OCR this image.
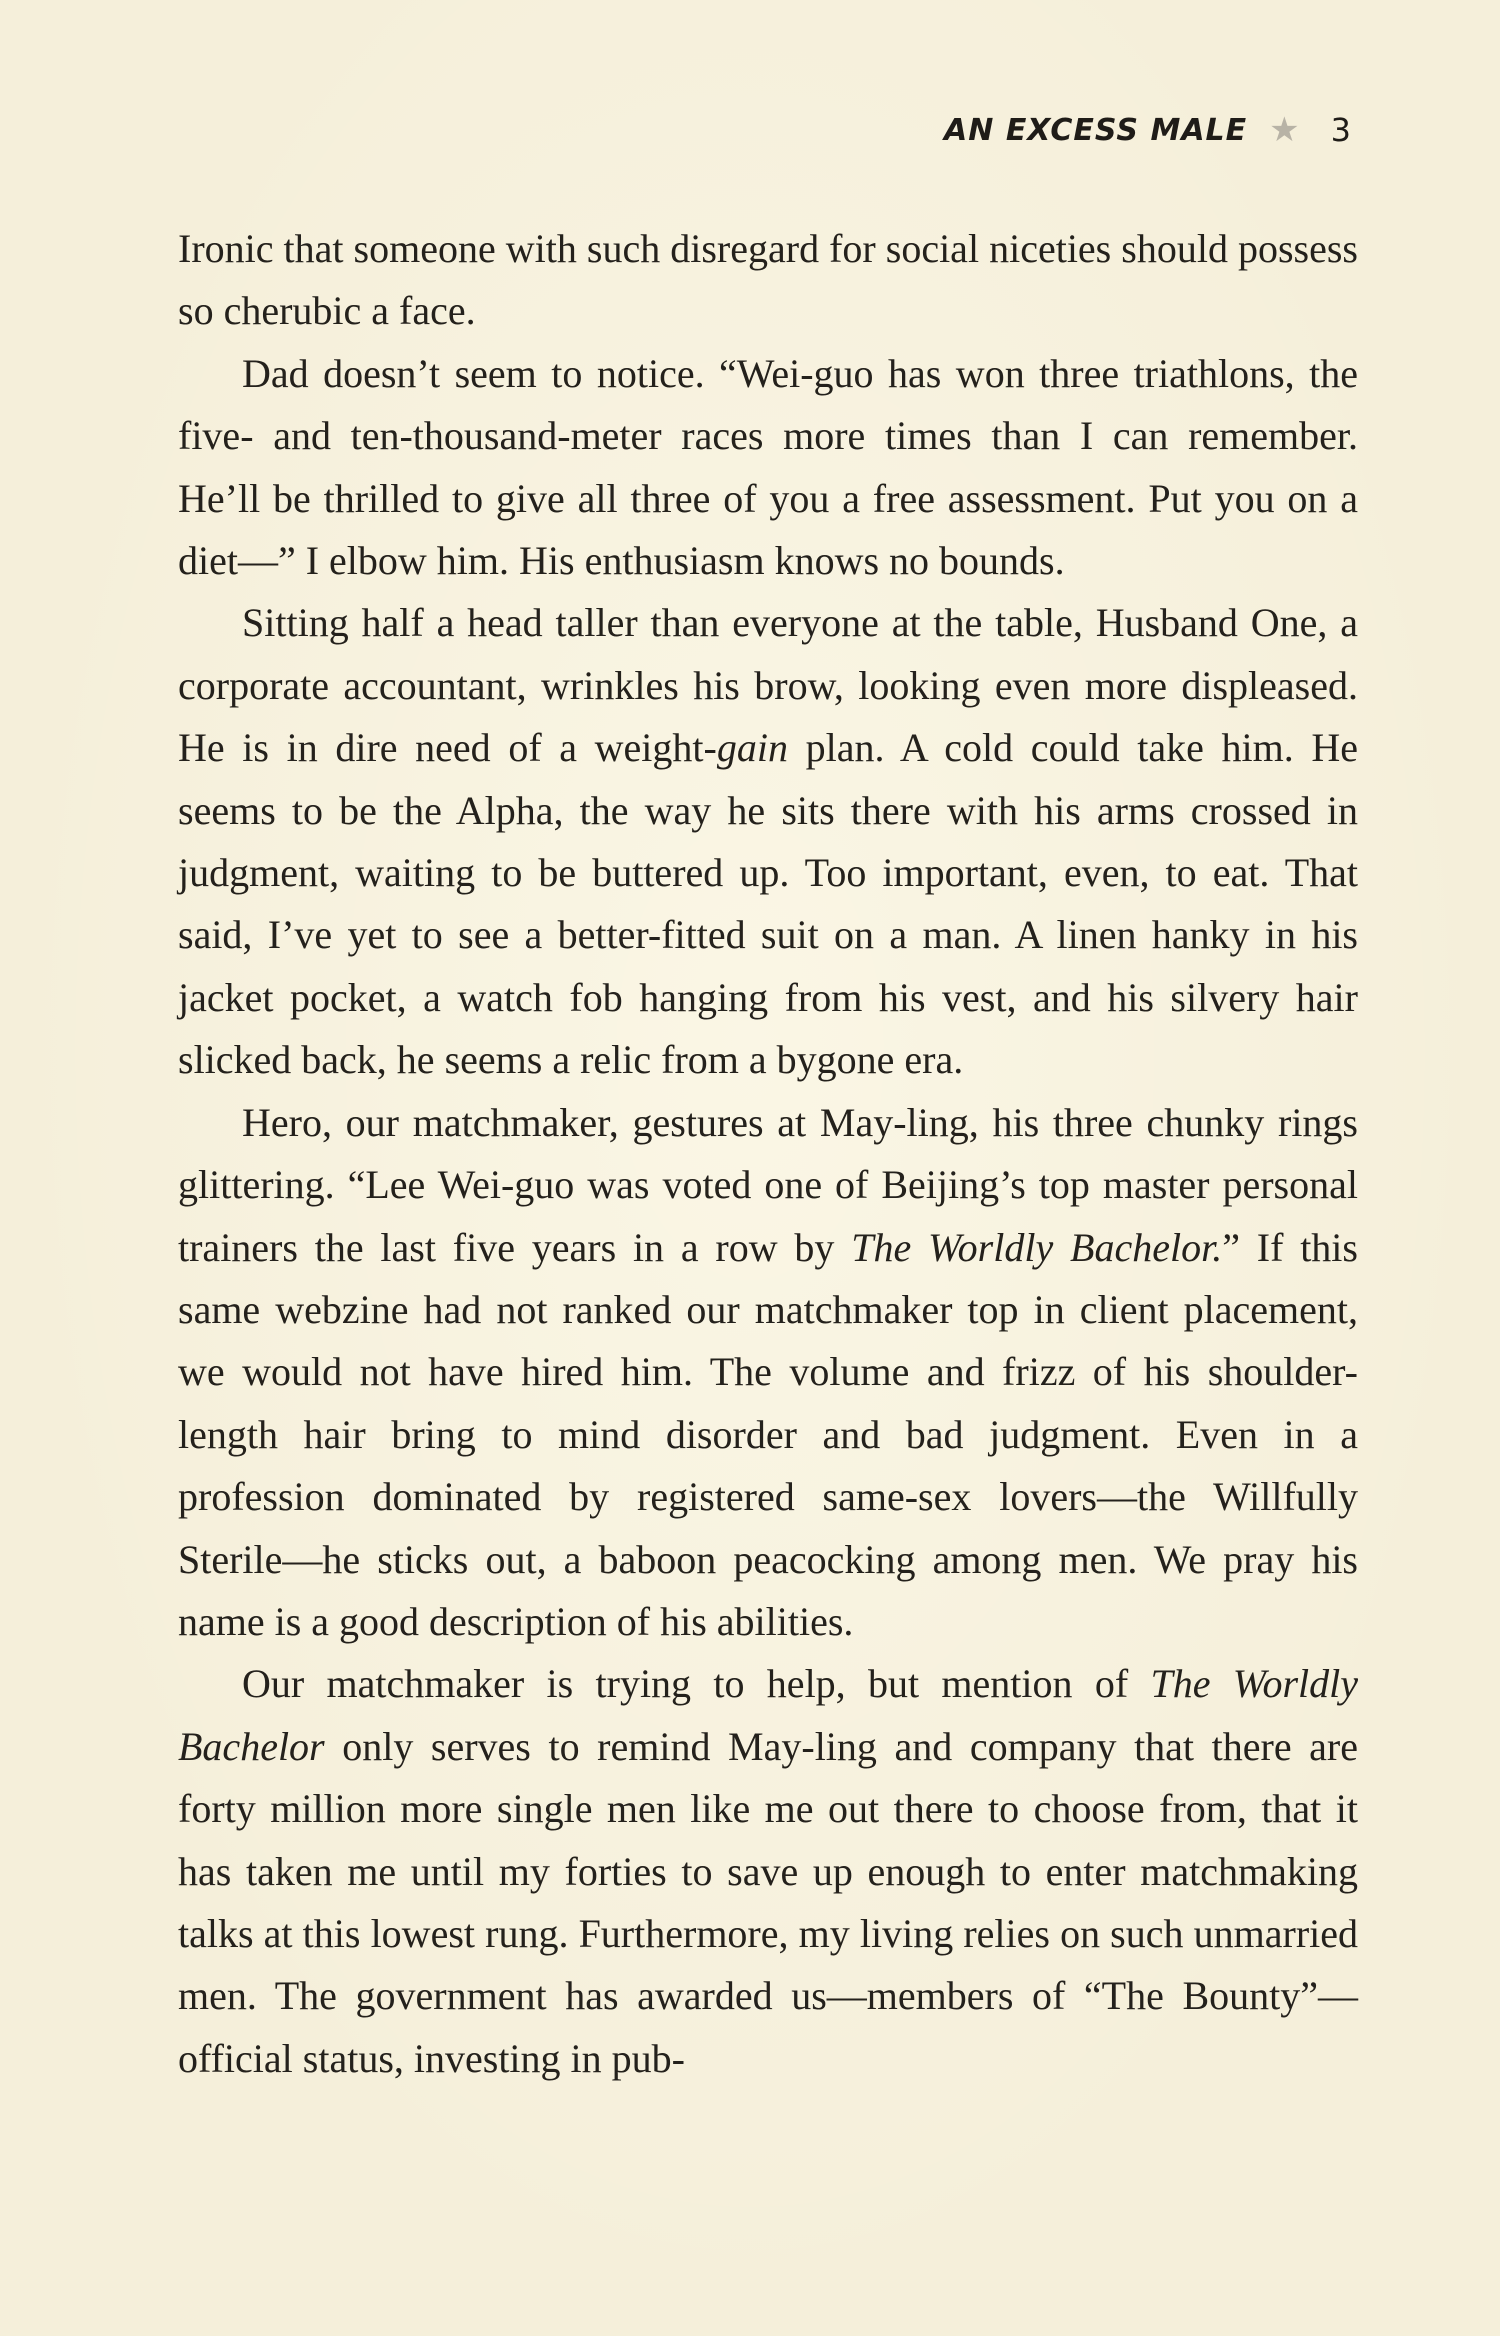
AN EXCESS MALE ★ 3

Ironic that someone with such disregard for social niceties should possess so cherubic a face.

Dad doesn’t seem to notice. “Wei-guo has won three triathlons, the five- and ten-thousand-meter races more times than I can remember. He’ll be thrilled to give all three of you a free assessment. Put you on a diet—” I elbow him. His enthusiasm knows no bounds.

Sitting half a head taller than everyone at the table, Husband One, a corporate accountant, wrinkles his brow, looking even more displeased. He is in dire need of a weight-gain plan. A cold could take him. He seems to be the Alpha, the way he sits there with his arms crossed in judgment, waiting to be buttered up. Too important, even, to eat. That said, I’ve yet to see a better-fitted suit on a man. A linen hanky in his jacket pocket, a watch fob hanging from his vest, and his silvery hair slicked back, he seems a relic from a bygone era.

Hero, our matchmaker, gestures at May-ling, his three chunky rings glittering. “Lee Wei-guo was voted one of Beijing’s top master personal trainers the last five years in a row by The Worldly Bachelor.” If this same webzine had not ranked our matchmaker top in client placement, we would not have hired him. The volume and frizz of his shoulder-length hair bring to mind disorder and bad judgment. Even in a profession dominated by registered same-sex lovers—the Willfully Sterile—he sticks out, a baboon peacocking among men. We pray his name is a good description of his abilities.

Our matchmaker is trying to help, but mention of The Worldly Bachelor only serves to remind May-ling and company that there are forty million more single men like me out there to choose from, that it has taken me until my forties to save up enough to enter matchmaking talks at this lowest rung. Furthermore, my living relies on such unmarried men. The government has awarded us—members of “The Bounty”—official status, investing in pub-
